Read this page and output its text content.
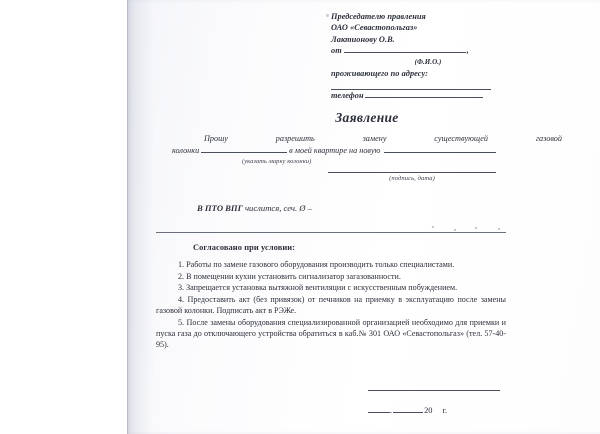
Председателю правления
ОАО «Севастопольгаз»
Лактионову О.В.
от	,
(Ф.И.О.)
проживающего по адресу:
телефон
Заявление
Прошу	разрешить	замену	существующей	газовой
колонки	в моей квартире на новую
(указать марку колонки)
(подпись, дата)
В ПТО ВПГ числится, сеч. Ø –
Согласовано при условии:

1. Работы по замене газового оборудования производить только специалистами.

2. В помещении кухни установить сигнализатор загазованности.

3. Запрещается установка вытяжной вентиляции с искусственным побуждением.

4. Предоставить акт (без привязок) от печников на приемку в эксплуатацию после замены газовой колонки. Подписать акт в РЭЖе.

5. После замены оборудования специализированной организацией необходимо для приемки и пуска газа до отключающего устройства обратиться в каб.№ 301 ОАО «Севастопольгаз» (тел. 57-40-95).

.	20 г.
